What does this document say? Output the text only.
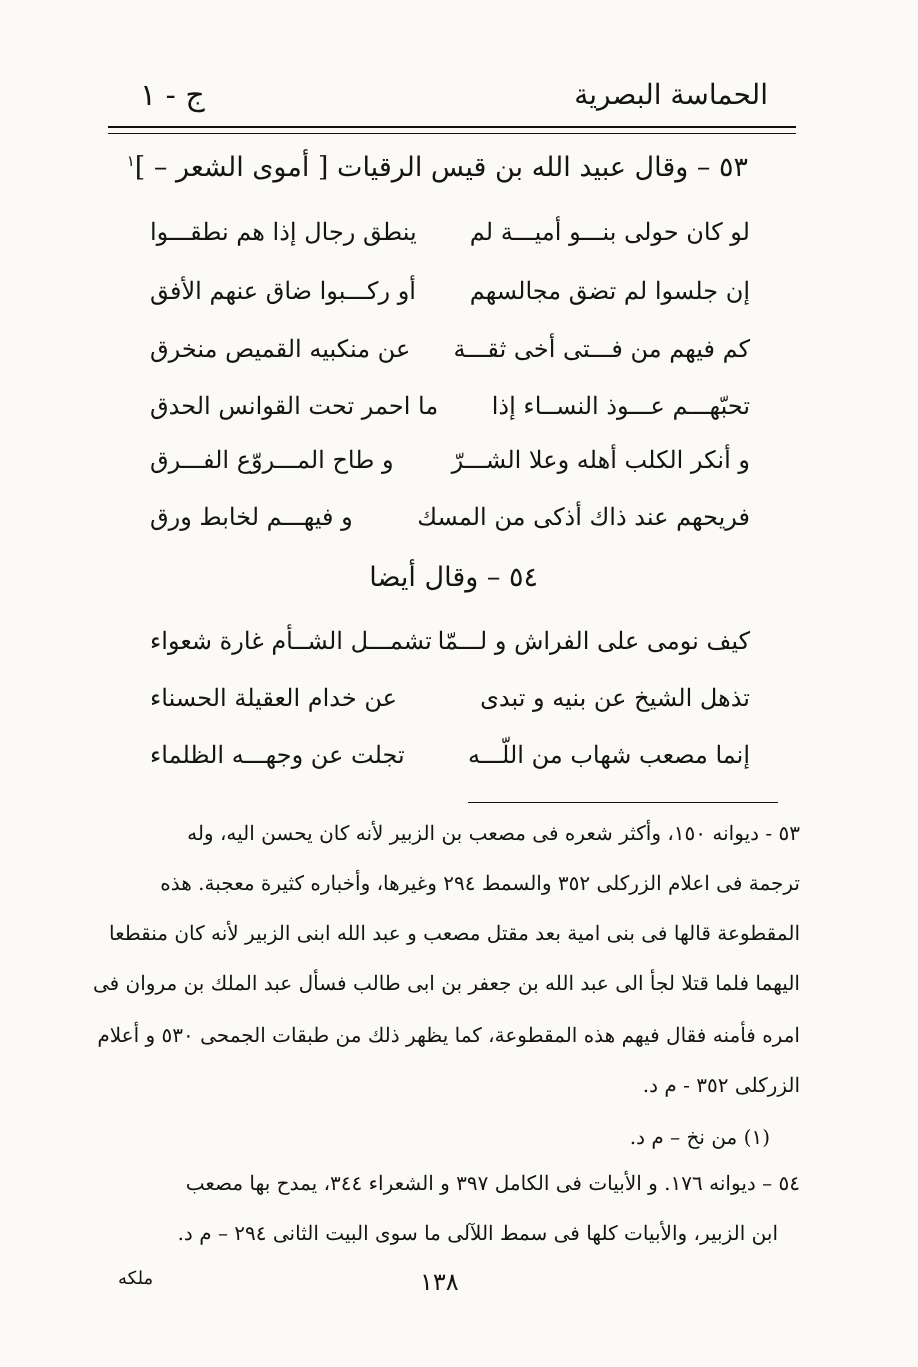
الحماسة البصرية
ج - ١
٥٣ – وقال عبيد الله بن قيس الرقيات [ أموى الشعر – ]$^١$
لو كان حولى بنـــو أميـــة لم
ينطق رجال إذا هم نطقـــوا
إن جلسوا لم تضق مجالسهم
أو ركـــبوا ضاق عنهم الأفق
كم فيهم من فـــتى أخى ثقـــة
عن منكبيه القميص منخرق
تحبّهـــم عـــوذ النســاء إذا
ما احمر تحت القوانس الحدق
و أنكر الكلب أهله وعلا الشـــرّ
و طاح المـــروّع الفـــرق
فريحهم عند ذاك أذكى من المسك
و فيهـــم لخابط ورق
٥٤ – وقال أيضا
كيف نومى على الفراش و لـــمّا
تشمـــل الشــأم غارة شعواء
تذهل الشيخ عن بنيه و تبدى
عن خدام العقيلة الحسناء
إنما مصعب شهاب من اللّـــه
تجلت عن وجهـــه الظلماء
٥٣ - ديوانه ١٥٠، وأكثر شعره فى مصعب بن الزبير لأنه كان يحسن اليه، وله
ترجمة فى اعلام الزركلى ٣٥٢ والسمط ٢٩٤ وغيرها، وأخباره كثيرة معجبة. هذه
المقطوعة قالها فى بنى امية بعد مقتل مصعب و عبد الله ابنى الزبير لأنه كان منقطعا
اليهما فلما قتلا لجأ الى عبد الله بن جعفر بن ابى طالب فسأل عبد الملك بن مروان فى
امره فأمنه فقال فيهم هذه المقطوعة، كما يظهر ذلك من طبقات الجمحى ٥٣٠ و أعلام
الزركلى ٣٥٢ - م د.
(١) من نخ – م د.
٥٤ – ديوانه ١٧٦. و الأبيات فى الكامل ٣٩٧ و الشعراء ٣٤٤، يمدح بها مصعب
ابن الزبير، والأبيات كلها فى سمط اللآلى ما سوى البيت الثانى ٢٩٤ – م د.
١٣٨
ملكه
